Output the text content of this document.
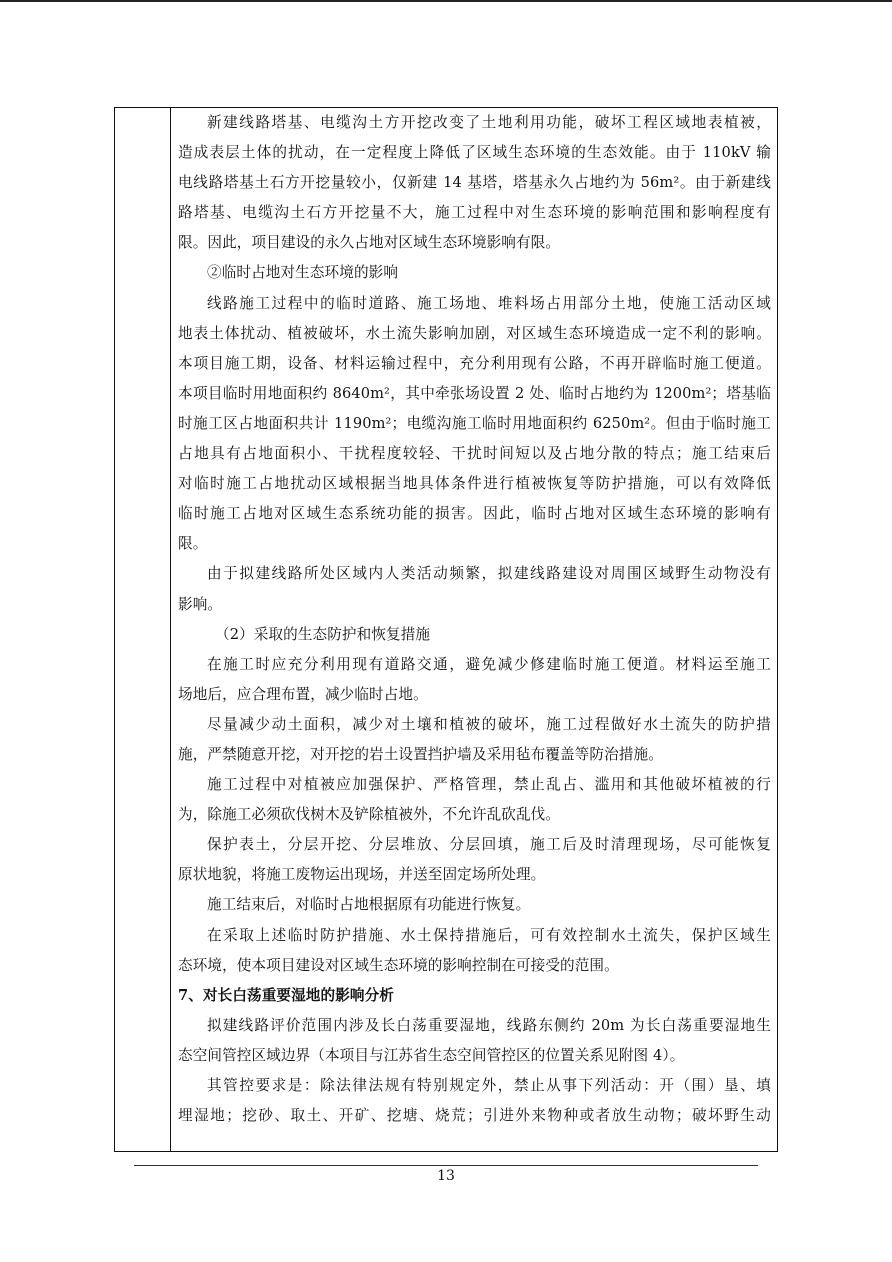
新建线路塔基、电缆沟土方开挖改变了土地利用功能，破坏工程区域地表植被，
造成表层土体的扰动，在一定程度上降低了区域生态环境的生态效能。由于 110kV 输
电线路塔基土石方开挖量较小，仅新建 14 基塔，塔基永久占地约为 56m²。由于新建线
路塔基、电缆沟土石方开挖量不大，施工过程中对生态环境的影响范围和影响程度有
限。因此，项目建设的永久占地对区域生态环境影响有限。
②临时占地对生态环境的影响
线路施工过程中的临时道路、施工场地、堆料场占用部分土地，使施工活动区域
地表土体扰动、植被破坏，水土流失影响加剧，对区域生态环境造成一定不利的影响。
本项目施工期，设备、材料运输过程中，充分利用现有公路，不再开辟临时施工便道。
本项目临时用地面积约 8640m²，其中牵张场设置 2 处、临时占地约为 1200m²；塔基临
时施工区占地面积共计 1190m²；电缆沟施工临时用地面积约 6250m²。但由于临时施工
占地具有占地面积小、干扰程度较轻、干扰时间短以及占地分散的特点；施工结束后
对临时施工占地扰动区域根据当地具体条件进行植被恢复等防护措施，可以有效降低
临时施工占地对区域生态系统功能的损害。因此，临时占地对区域生态环境的影响有
限。
由于拟建线路所处区域内人类活动频繁，拟建线路建设对周围区域野生动物没有
影响。
（2）采取的生态防护和恢复措施
在施工时应充分利用现有道路交通，避免减少修建临时施工便道。材料运至施工
场地后，应合理布置，减少临时占地。
尽量减少动土面积，减少对土壤和植被的破坏，施工过程做好水土流失的防护措
施，严禁随意开挖，对开挖的岩土设置挡护墙及采用毡布覆盖等防治措施。
施工过程中对植被应加强保护、严格管理，禁止乱占、滥用和其他破坏植被的行
为，除施工必须砍伐树木及铲除植被外，不允许乱砍乱伐。
保护表土，分层开挖、分层堆放、分层回填，施工后及时清理现场，尽可能恢复
原状地貌，将施工废物运出现场，并送至固定场所处理。
施工结束后，对临时占地根据原有功能进行恢复。
在采取上述临时防护措施、水土保持措施后，可有效控制水土流失，保护区域生
态环境，使本项目建设对区域生态环境的影响控制在可接受的范围。
7、对长白荡重要湿地的影响分析
拟建线路评价范围内涉及长白荡重要湿地，线路东侧约 20m 为长白荡重要湿地生
态空间管控区域边界（本项目与江苏省生态空间管控区的位置关系见附图 4）。
其管控要求是：除法律法规有特别规定外，禁止从事下列活动：开（围）垦、填
埋湿地；挖砂、取土、开矿、挖塘、烧荒；引进外来物种或者放生动物；破坏野生动
13
